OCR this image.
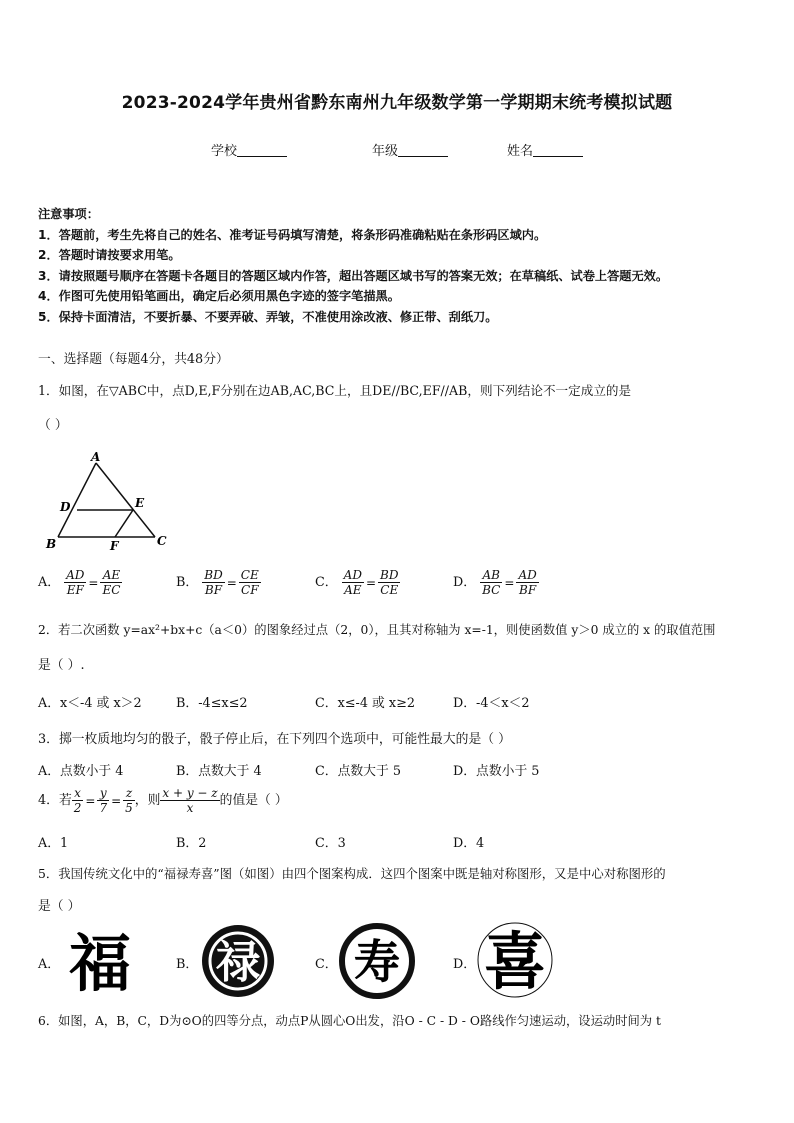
2023-2024学年贵州省黔东南州九年级数学第一学期期末统考模拟试题
学校	年级	姓名
注意事项：
1．答题前，考生先将自己的姓名、准考证号码填写清楚，将条形码准确粘贴在条形码区域内。
2．答题时请按要求用笔。
3．请按照题号顺序在答题卡各题目的答题区域内作答，超出答题区域书写的答案无效；在草稿纸、试卷上答题无效。
4．作图可先使用铅笔画出，确定后必须用黑色字迹的签字笔描黑。
5．保持卡面清洁，不要折暴、不要弄破、弄皱，不准使用涂改液、修正带、刮纸刀。
一、选择题（每题4分，共48分）
1．如图，在▽ABC中，点D,E,F分别在边AB,AC,BC上，且DE//BC,EF//AB，则下列结论不一定成立的是
（ ）
A
D	E
B	F	C
A． $\frac{AD}{EF} = \frac{AE}{EC}$	B． $\frac{BD}{BF} = \frac{CE}{CF}$	C． $\frac{AD}{AE} = \frac{BD}{CE}$	D． $\frac{AB}{BC} = \frac{AD}{BF}$
2．若二次函数 y=ax²+bx+c（a＜0）的图象经过点（2，0），且其对称轴为 x=-1，则使函数值 y＞0 成立的 x 的取值范围
是（ ）.
A．x＜-4 或 x＞2	B．-4≤x≤2	C．x≤-4 或 x≥2	D．-4＜x＜2
3．掷一枚质地均匀的骰子，骰子停止后，在下列四个选项中，可能性最大的是（ ）
A．点数小于 4	B．点数大于 4	C．点数大于 5	D．点数小于 5
4．若 $\frac{x}{2} = \frac{y}{7} = \frac{z}{5}$ ，则 $\frac{x + y - z}{x}$ 的值是（ ）
A．1	B．2	C．3	D．4
5．我国传统文化中的“福禄寿喜”图（如图）由四个图案构成．这四个图案中既是轴对称图形，又是中心对称图形的
是（ ）
A． 福	B． 禄	C． 寿	D． 喜
6．如图，A，B，C，D为⊙O的四等分点，动点P从圆心O出发，沿O - C - D - O路线作匀速运动，设运动时间为 t
